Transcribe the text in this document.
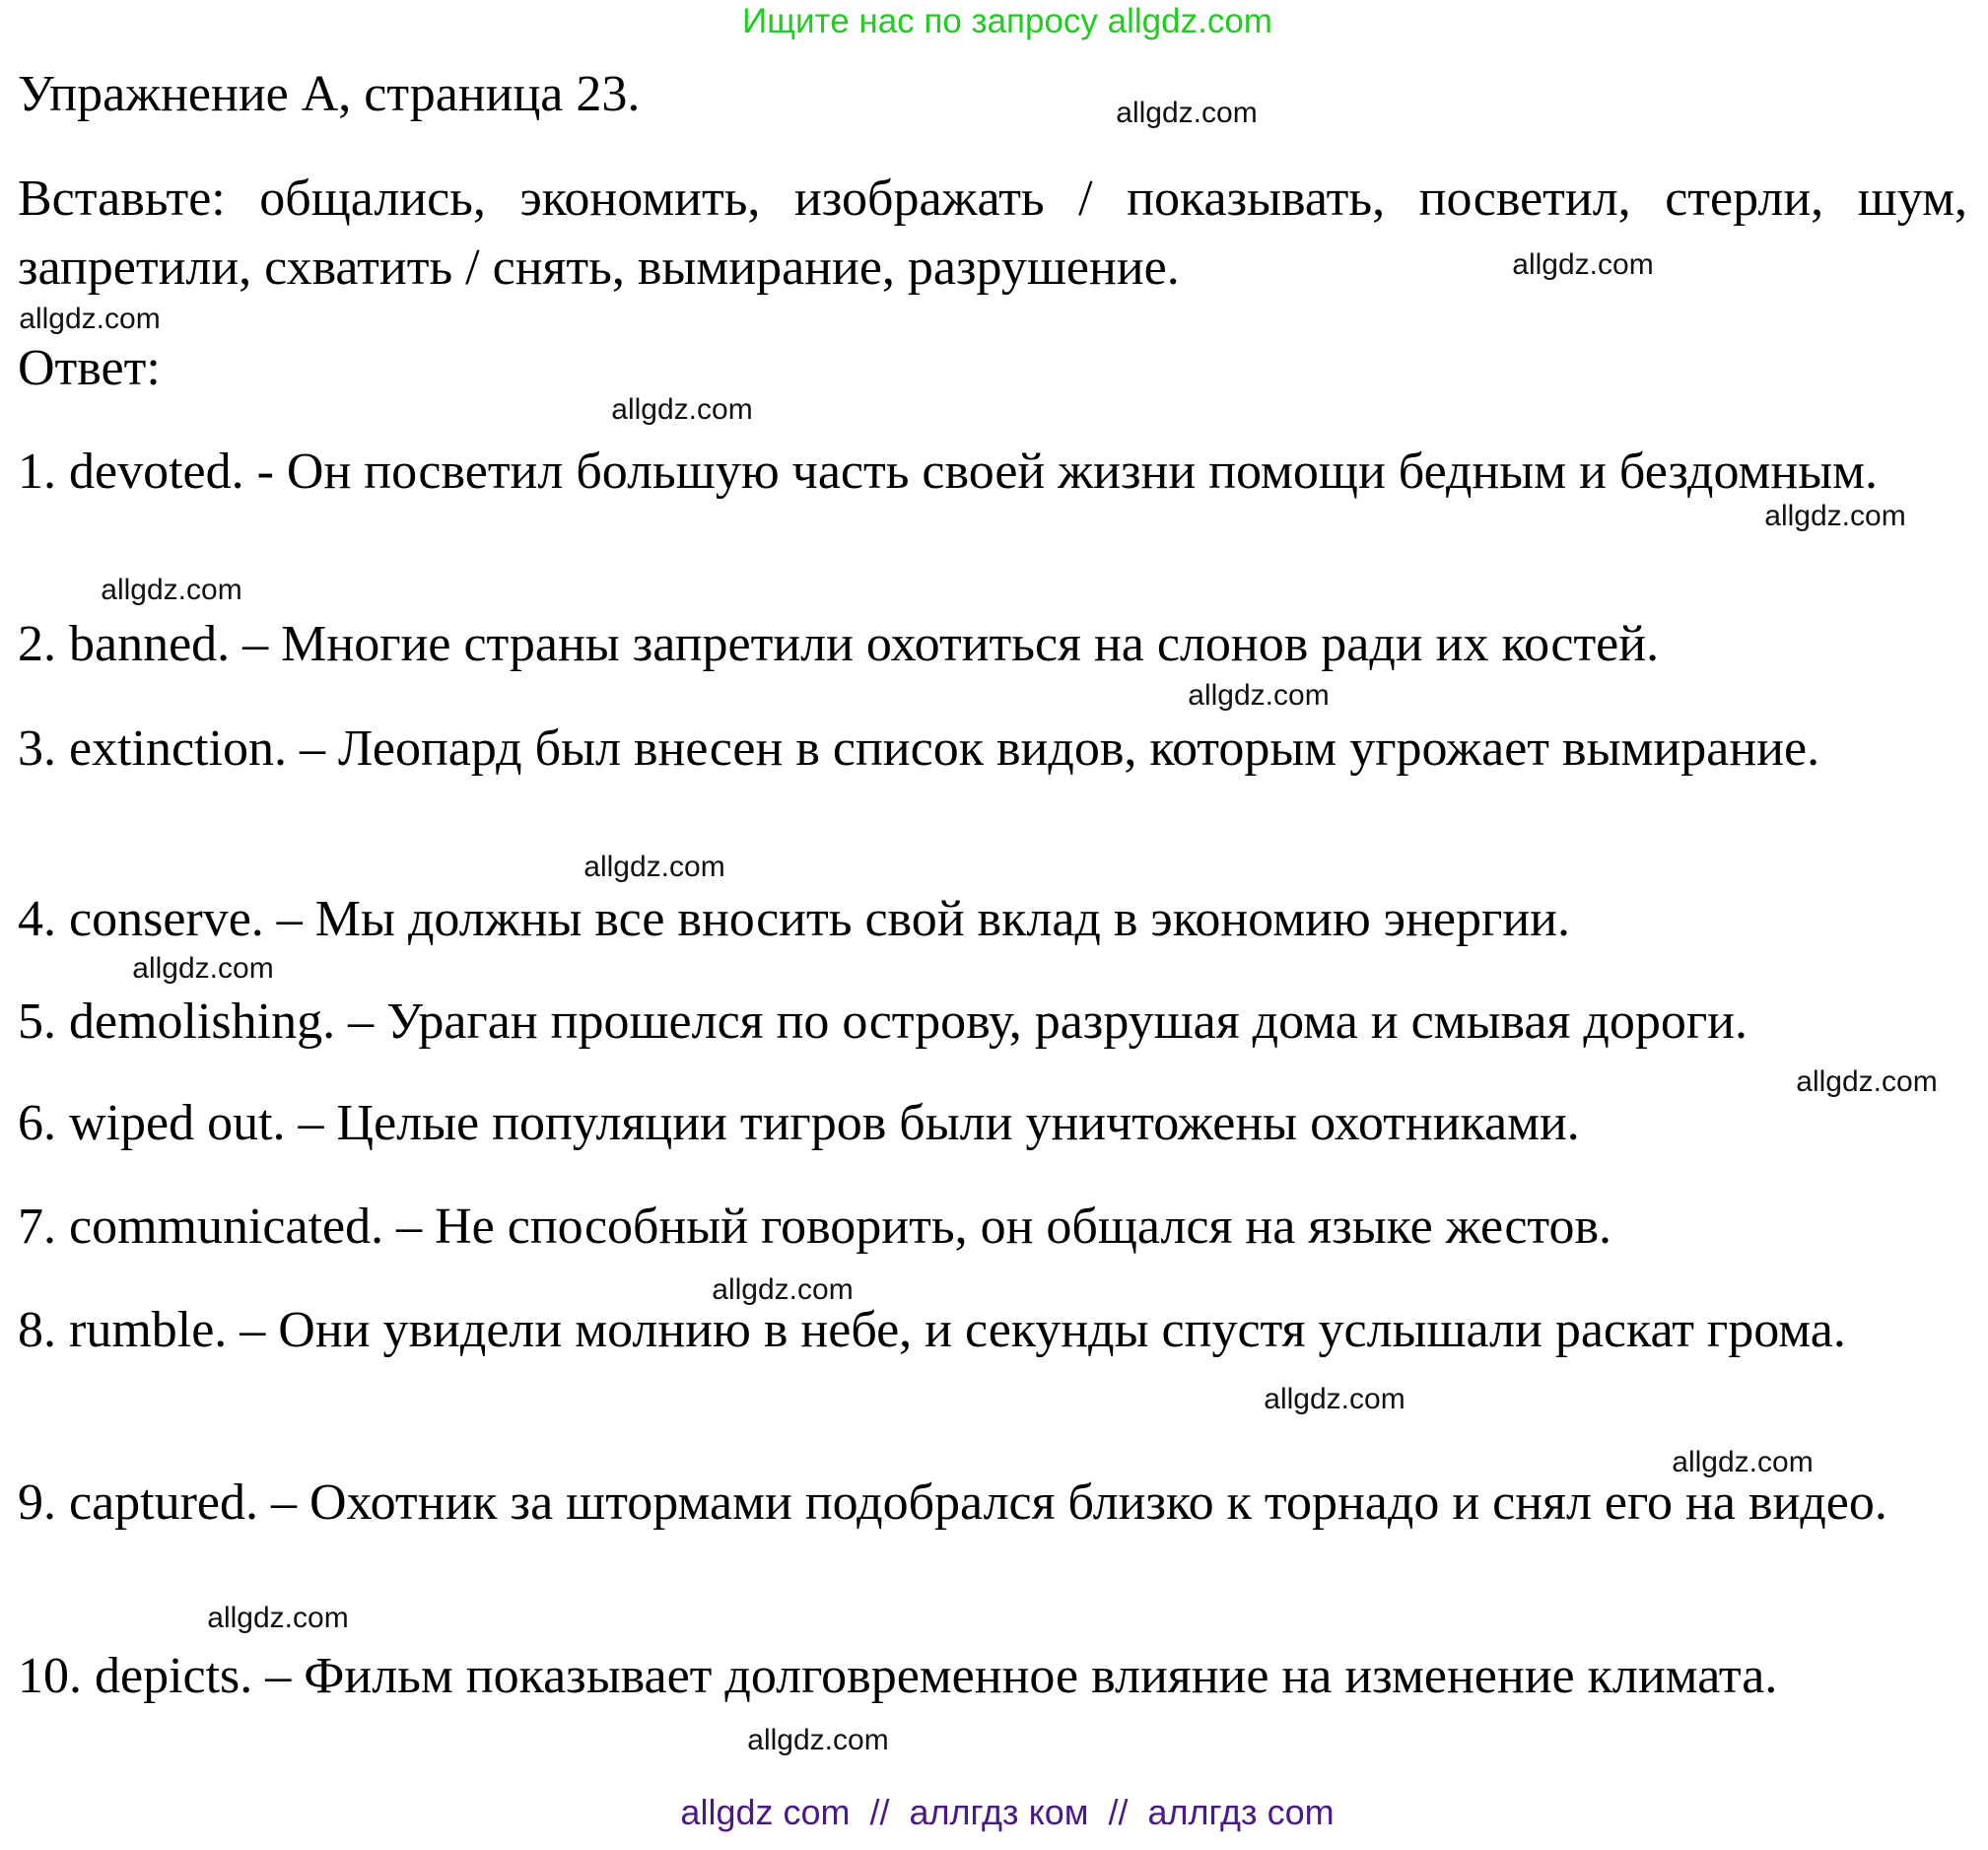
Ищите нас по запросу allgdz.com
Упражнение A, страница 23.
Вставьте: общались, экономить, изображать / показывать, посветил, стерли, шум, запретили, схватить / снять, вымирание, разрушение.
Ответ:
1. devoted. - Он посветил большую часть своей жизни помощи бедным и бездомным.
2. banned. – Многие страны запретили охотиться на слонов ради их костей.
3. extinction. – Леопард был внесен в список видов, которым угрожает вымирание.
4. conserve. – Мы должны все вносить свой вклад в экономию энергии.
5. demolishing. – Ураган прошелся по острову, разрушая дома и смывая дороги.
6. wiped out. – Целые популяции тигров были уничтожены охотниками.
7. communicated. – Не способный говорить, он общался на языке жестов.
8. rumble. – Они увидели молнию в небе, и секунды спустя услышали раскат грома.
9. captured. – Охотник за штормами подобрался близко к торнадо и снял его на видео.
10. depicts. – Фильм показывает долговременное влияние на изменение климата.
allgdz.com
allgdz.com
allgdz.com
allgdz.com
allgdz.com
allgdz.com
allgdz.com
allgdz.com
allgdz.com
allgdz.com
allgdz.com
allgdz.com
allgdz.com
allgdz.com
allgdz.com
allgdz com  //  аллгдз ком  //  аллгдз com
